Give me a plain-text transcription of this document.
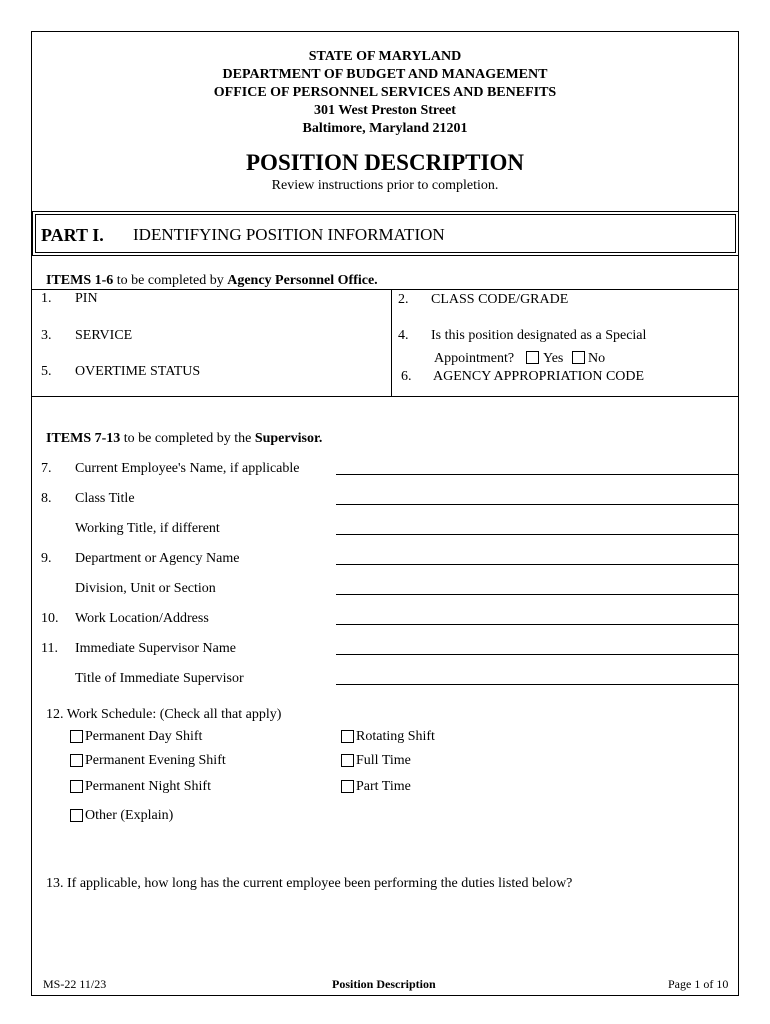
STATE OF MARYLAND
DEPARTMENT OF BUDGET AND MANAGEMENT
OFFICE OF PERSONNEL SERVICES AND BENEFITS
301 West Preston Street
Baltimore, Maryland 21201
POSITION DESCRIPTION
Review instructions prior to completion.
PART I. IDENTIFYING POSITION INFORMATION
ITEMS 1-6 to be completed by Agency Personnel Office.
1. PIN	2. CLASS CODE/GRADE
3. SERVICE	4. Is this position designated as a Special
Appointment? Yes No
5. OVERTIME STATUS	6. AGENCY APPROPRIATION CODE
ITEMS 7-13 to be completed by the Supervisor.
7. Current Employee's Name, if applicable
8. Class Title
Working Title, if different
9. Department or Agency Name
Division, Unit or Section
10. Work Location/Address
11. Immediate Supervisor Name
Title of Immediate Supervisor
12. Work Schedule: (Check all that apply)
Permanent Day Shift
Permanent Evening Shift
Permanent Night Shift
Other (Explain)
Rotating Shift
Full Time
Part Time
13. If applicable, how long has the current employee been performing the duties listed below?
MS-22 11/23	Position Description	Page 1 of 10
